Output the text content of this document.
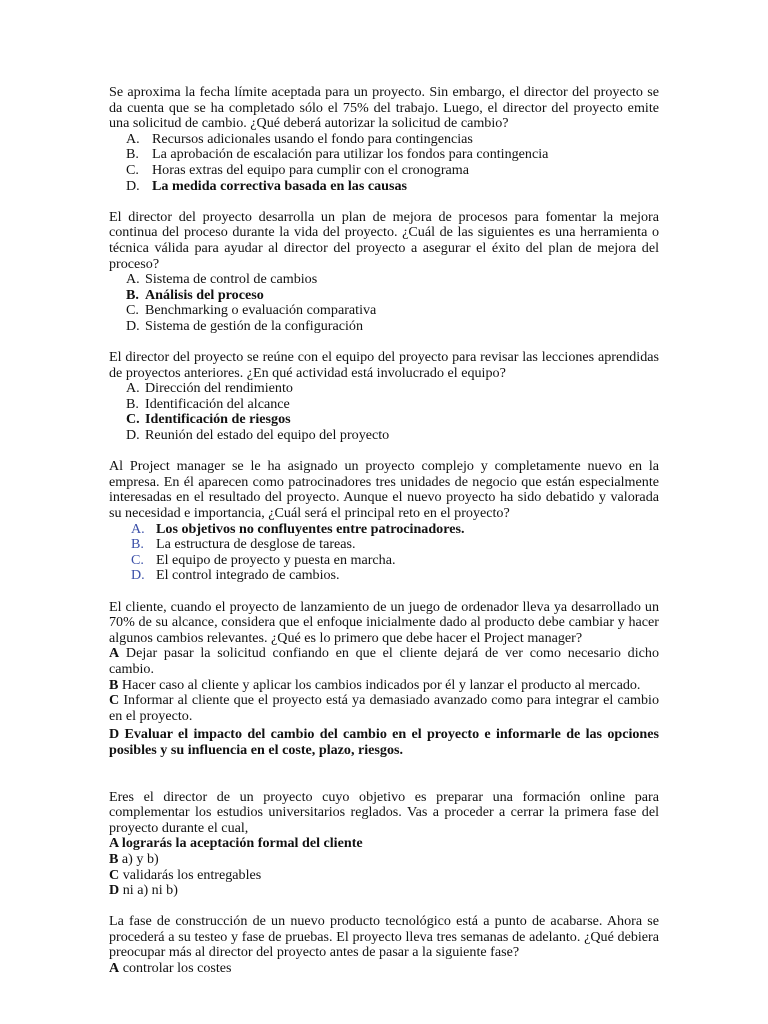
Se aproxima la fecha límite aceptada para un proyecto. Sin embargo, el director del proyecto se da cuenta que se ha completado sólo el 75% del trabajo. Luego, el director del proyecto emite una solicitud de cambio. ¿Qué deberá autorizar la solicitud de cambio?
A. Recursos adicionales usando el fondo para contingencias
B. La aprobación de escalación para utilizar los fondos para contingencia
C. Horas extras del equipo para cumplir con el cronograma
D. La medida correctiva basada en las causas
El director del proyecto desarrolla un plan de mejora de procesos para fomentar la mejora continua del proceso durante la vida del proyecto. ¿Cuál de las siguientes es una herramienta o técnica válida para ayudar al director del proyecto a asegurar el éxito del plan de mejora del proceso?
A. Sistema de control de cambios
B. Análisis del proceso
C. Benchmarking o evaluación comparativa
D. Sistema de gestión de la configuración
El director del proyecto se reúne con el equipo del proyecto para revisar las lecciones aprendidas de proyectos anteriores. ¿En qué actividad está involucrado el equipo?
A. Dirección del rendimiento
B. Identificación del alcance
C. Identificación de riesgos
D. Reunión del estado del equipo del proyecto
Al Project manager se le ha asignado un proyecto complejo y completamente nuevo en la empresa. En él aparecen como patrocinadores tres unidades de negocio que están especialmente interesadas en el resultado del proyecto. Aunque el nuevo proyecto ha sido debatido y valorada su necesidad e importancia, ¿Cuál será el principal reto en el proyecto?
A. Los objetivos no confluyentes entre patrocinadores.
B. La estructura de desglose de tareas.
C. El equipo de proyecto y puesta en marcha.
D. El control integrado de cambios.
El cliente, cuando el proyecto de lanzamiento de un juego de ordenador lleva ya desarrollado un 70% de su alcance, considera que el enfoque inicialmente dado al producto debe cambiar y hacer algunos cambios relevantes. ¿Qué es lo primero que debe hacer el Project manager?
A Dejar pasar la solicitud confiando en que el cliente dejará de ver como necesario dicho cambio.
B Hacer caso al cliente y aplicar los cambios indicados por él y lanzar el producto al mercado.
C Informar al cliente que el proyecto está ya demasiado avanzado como para integrar el cambio en el proyecto.
D Evaluar el impacto del cambio del cambio en el proyecto e informarle de las opciones posibles y su influencia en el coste, plazo, riesgos.
Eres el director de un proyecto cuyo objetivo es preparar una formación online para complementar los estudios universitarios reglados. Vas a proceder a cerrar la primera fase del proyecto durante el cual,
A lograrás la aceptación formal del cliente
B a) y b)
C validarás los entregables
D ni a) ni b)
La fase de construcción de un nuevo producto tecnológico está a punto de acabarse. Ahora se procederá a su testeo y fase de pruebas. El proyecto lleva tres semanas de adelanto. ¿Qué debiera preocupar más al director del proyecto antes de pasar a la siguiente fase?
A controlar los costes
